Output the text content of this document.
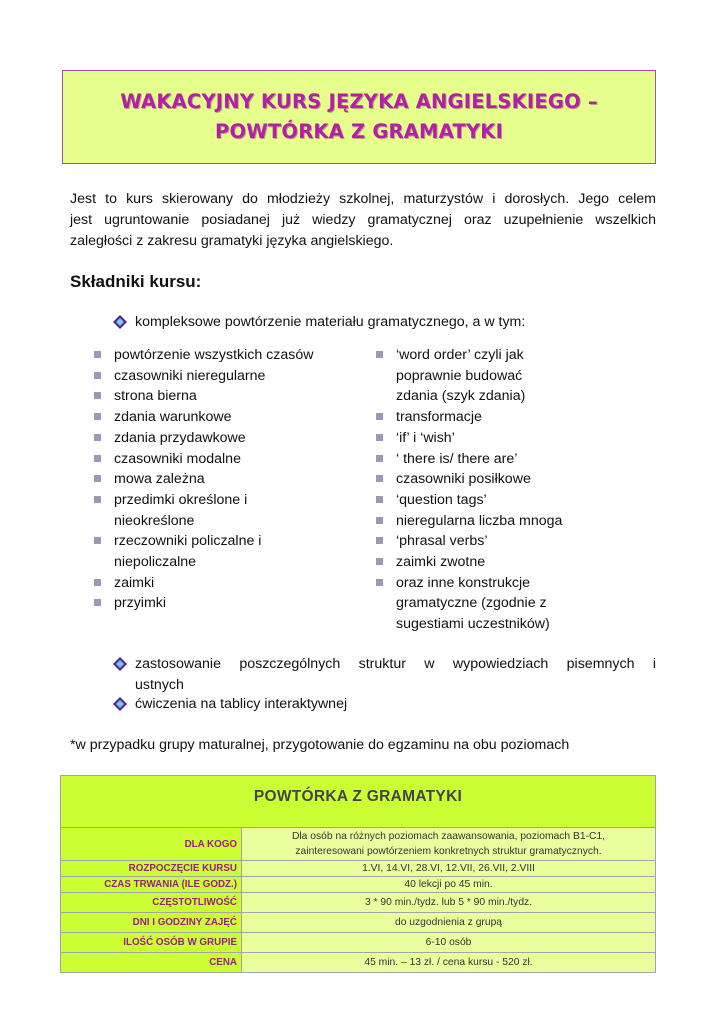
WAKACYJNY KURS JĘZYKA ANGIELSKIEGO –
POWTÓRKA Z GRAMATYKI
Jest to kurs skierowany do młodzieży szkolnej, maturzystów i dorosłych. Jego celem
jest ugruntowanie posiadanej już wiedzy gramatycznej oraz uzupełnienie wszelkich
zaległości z zakresu gramatyki języka angielskiego.
Składniki kursu:
kompleksowe powtórzenie materiału gramatycznego, a w tym:
powtórzenie wszystkich czasów
czasowniki nieregularne
strona bierna
zdania warunkowe
zdania przydawkowe
czasowniki modalne
mowa zależna
przedimki określone i nieokreślone
rzeczowniki policzalne i niepoliczalne
zaimki
przyimki
‘word order’ czyli jak poprawnie budować zdania (szyk zdania)
transformacje
‘if’ i ‘wish’
‘ there is/ there are’
czasowniki posiłkowe
‘question tags’
nieregularna liczba mnoga
‘phrasal verbs’
zaimki zwotne
oraz inne konstrukcje gramatyczne (zgodnie z sugestiami uczestników)
zastosowanie poszczególnych struktur w wypowiedziach pisemnych i
ustnych
ćwiczenia na tablicy interaktywnej
*w przypadku grupy maturalnej, przygotowanie do egzaminu na obu poziomach
POWTÓRKA Z GRAMATYKI	
DLA KOGO	Dla osób na różnych poziomach zaawansowania, poziomach B1-C1,
zainteresowani powtórzeniem konkretnych struktur gramatycznych.

ROZPOCZĘCIE KURSU	1.VI, 14.VI, 28.VI, 12.VII, 26.VII, 2.VIII
CZAS TRWANIA (ILE GODZ.)	40 lekcji po 45 min.
CZĘSTOTLIWOŚĆ	3 * 90 min./tydz. lub 5 * 90 min./tydz.
DNI I GODZINY ZAJĘĆ	do uzgodnienia z grupą
ILOŚĆ OSÓB W GRUPIE	6-10 osób
CENA	45 min. – 13 zł. / cena kursu - 520 zł.
